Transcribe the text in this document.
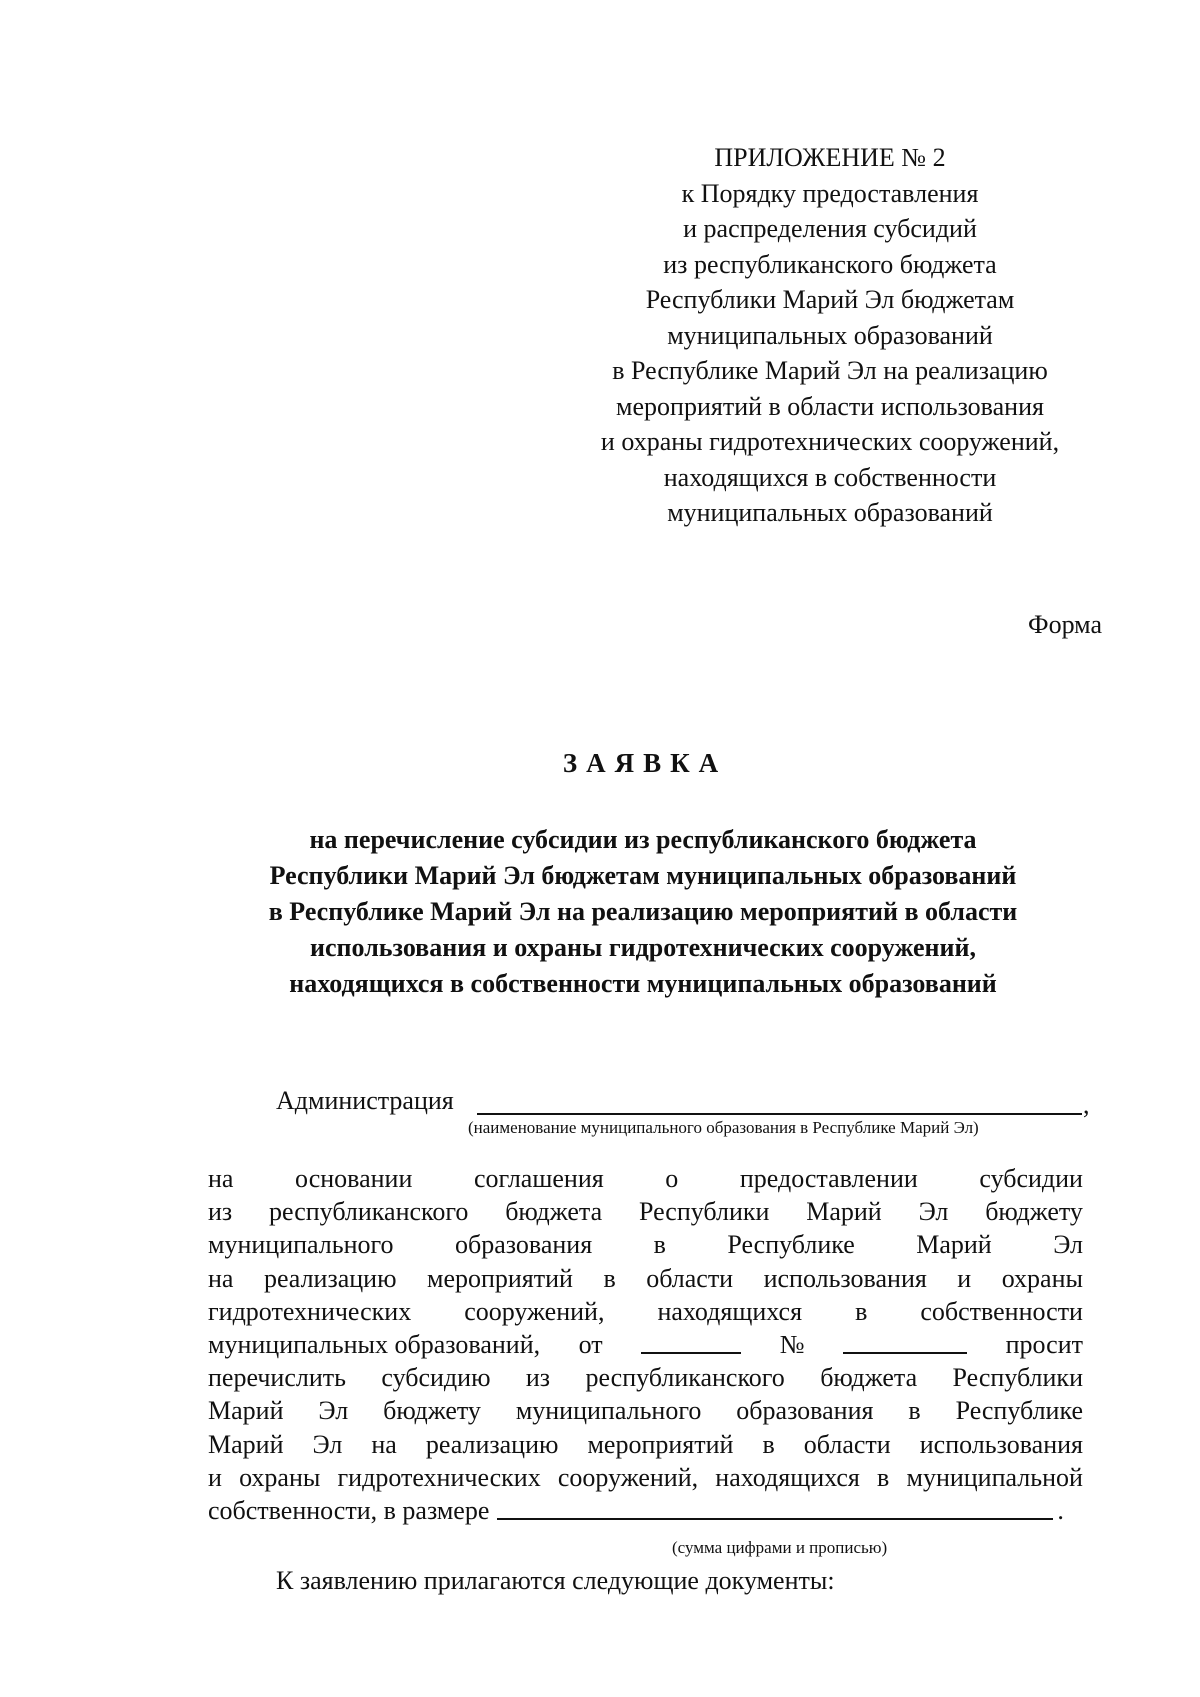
ПРИЛОЖЕНИЕ № 2
к Порядку предоставления
и распределения субсидий
из республиканского бюджета
Республики Марий Эл бюджетам
муниципальных образований
в Республике Марий Эл на реализацию
мероприятий в области использования
и охраны гидротехнических сооружений,
находящихся в собственности
муниципальных образований
Форма
ЗАЯВКА
на перечисление субсидии из республиканского бюджета
Республики Марий Эл бюджетам муниципальных образований
в Республике Марий Эл на реализацию мероприятий в области
использования и охраны гидротехнических сооружений,
находящихся в собственности муниципальных образований
Администрация	,
(наименование муниципального образования в Республике Марий Эл)
на основании соглашения о предоставлении субсидии
из республиканского бюджета Республики Марий Эл бюджету
муниципального образования в Республике Марий Эл
на реализацию мероприятий в области использования и охраны
гидротехнических сооружений, находящихся в собственности
муниципальных образований, от	№	просит
перечислить субсидию из республиканского бюджета Республики
Марий Эл бюджету муниципального образования в Республике
Марий Эл на реализацию мероприятий в области использования
и охраны гидротехнических сооружений, находящихся в муниципальной
собственности, в размере	.
(сумма цифрами и прописью)
К заявлению прилагаются следующие документы:
